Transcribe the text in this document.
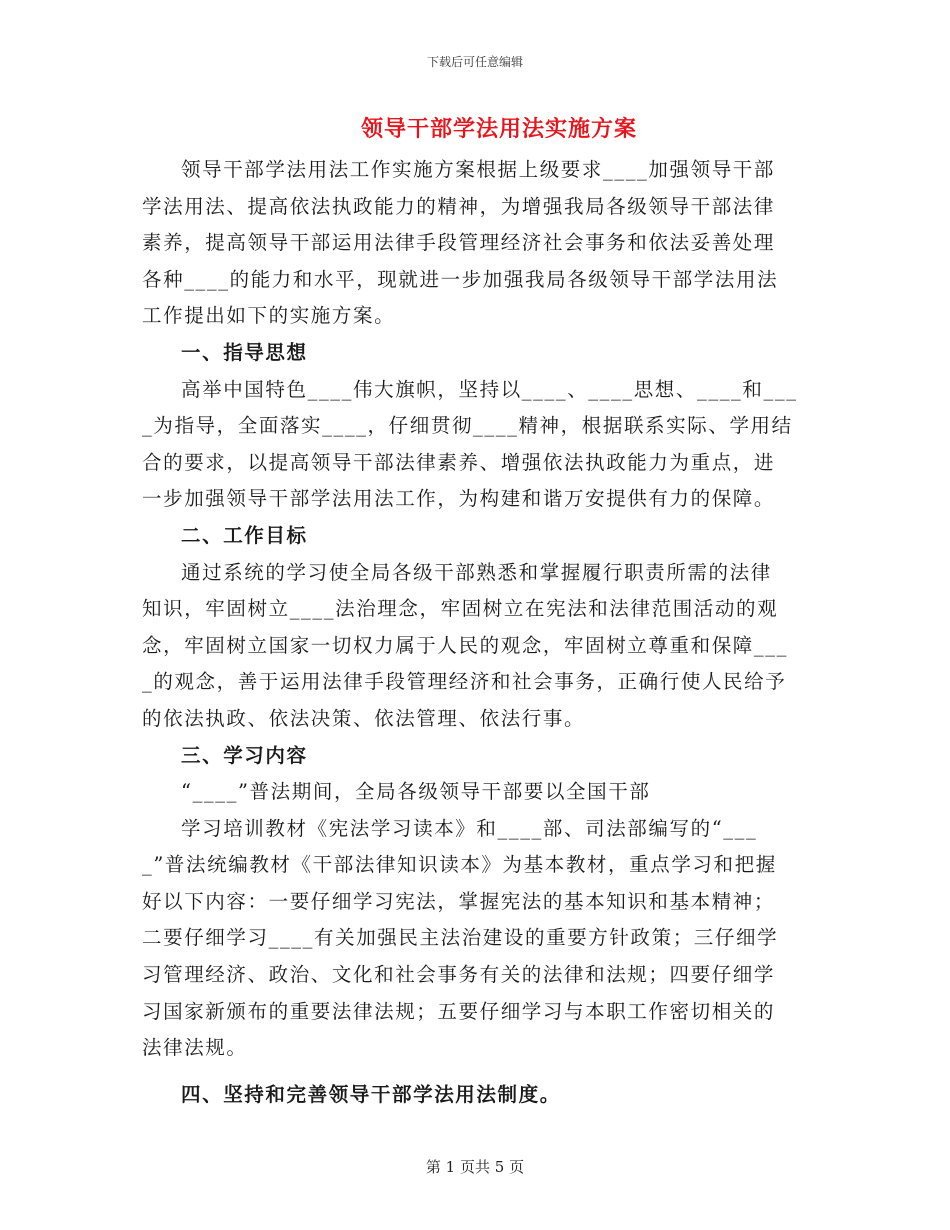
下载后可任意编辑
领导干部学法用法实施方案
领导干部学法用法工作实施方案根据上级要求____加强领导干部
学法用法、提高依法执政能力的精神，为增强我局各级领导干部法律
素养，提高领导干部运用法律手段管理经济社会事务和依法妥善处理
各种____的能力和水平，现就进一步加强我局各级领导干部学法用法
工作提出如下的实施方案。
一、指导思想
高举中国特色____伟大旗帜，坚持以____、____思想、____和___
_为指导，全面落实____，仔细贯彻____精神，根据联系实际、学用结
合的要求，以提高领导干部法律素养、增强依法执政能力为重点，进
一步加强领导干部学法用法工作，为构建和谐万安提供有力的保障。
二、工作目标
通过系统的学习使全局各级干部熟悉和掌握履行职责所需的法律
知识，牢固树立____法治理念，牢固树立在宪法和法律范围活动的观
念，牢固树立国家一切权力属于人民的观念，牢固树立尊重和保障___
_的观念，善于运用法律手段管理经济和社会事务，正确行使人民给予
的依法执政、依法决策、依法管理、依法行事。
三、学习内容
“____”普法期间，全局各级领导干部要以全国干部
学习培训教材《宪法学习读本》和____部、司法部编写的“___
_”普法统编教材《干部法律知识读本》为基本教材，重点学习和把握
好以下内容：一要仔细学习宪法，掌握宪法的基本知识和基本精神；
二要仔细学习____有关加强民主法治建设的重要方针政策；三仔细学
习管理经济、政治、文化和社会事务有关的法律和法规；四要仔细学
习国家新颁布的重要法律法规；五要仔细学习与本职工作密切相关的
法律法规。
四、坚持和完善领导干部学法用法制度。
第 1 页共 5 页
